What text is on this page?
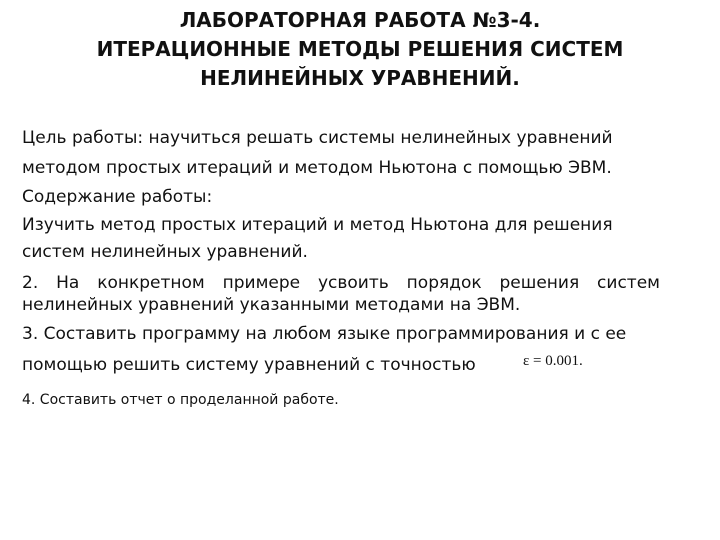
ЛАБОРАТОРНАЯ РАБОТА №3-4.
ИТЕРАЦИОННЫЕ МЕТОДЫ РЕШЕНИЯ СИСТЕМ
НЕЛИНЕЙНЫХ УРАВНЕНИЙ.
Цель работы: научиться решать системы нелинейных уравнений
методом простых итераций и методом Ньютона с помощью ЭВМ.
Содержание работы:
Изучить метод простых итераций и метод Ньютона для решения
систем нелинейных уравнений.
2. На конкретном примере усвоить порядок решения систем
нелинейных уравнений указанными методами на ЭВМ.
3. Составить программу на любом языке программирования и с ее
помощью решить систему уравнений с точностью	ε = 0.001.
4. Составить отчет о проделанной работе.
